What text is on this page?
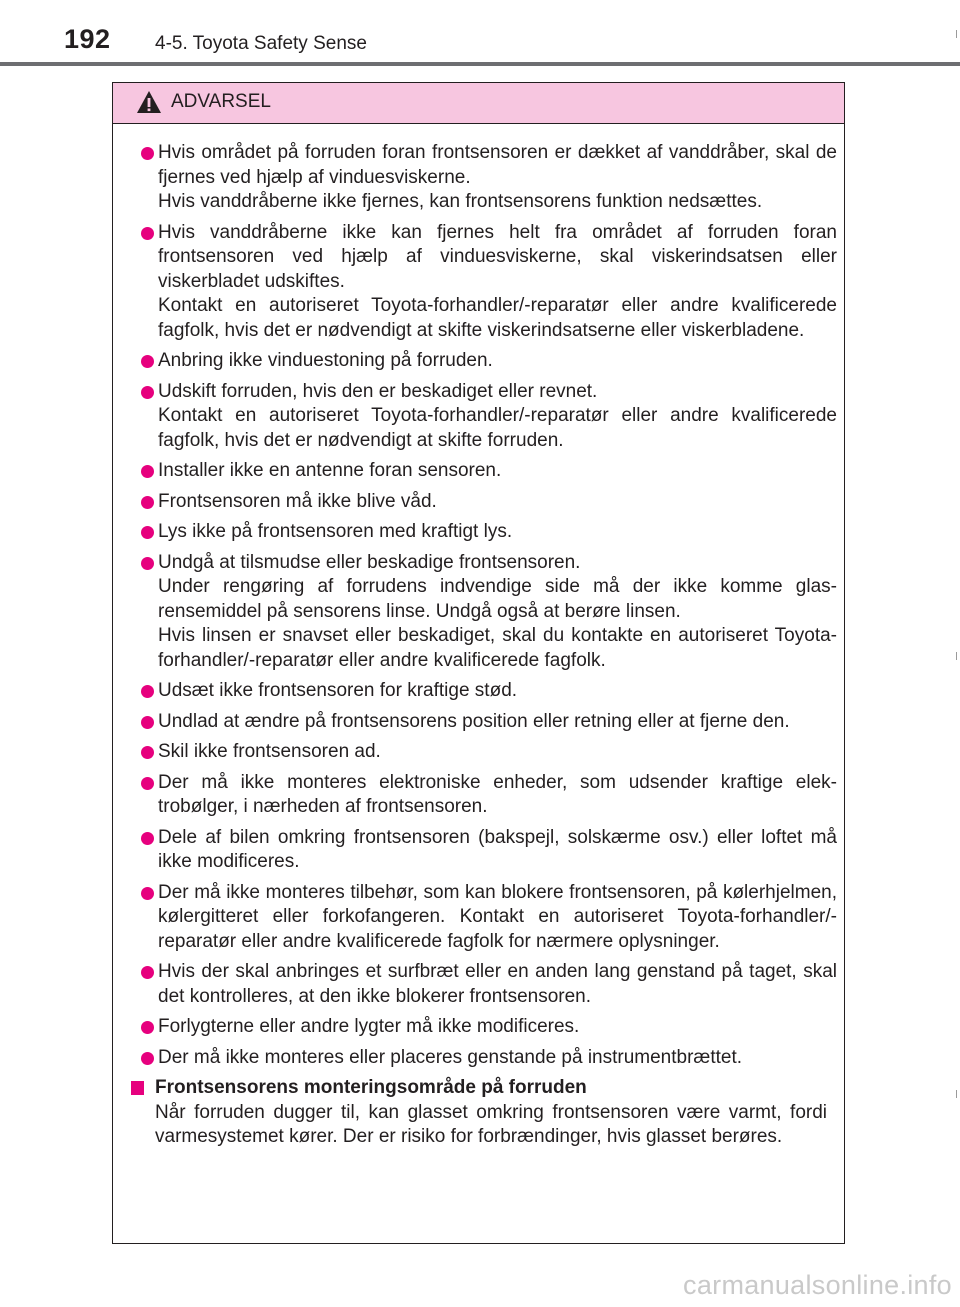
192 4-5. Toyota Safety Sense
ADVARSEL
Hvis området på forruden foran frontsensoren er dækket af vanddråber, skal de fjernes ved hjælp af vinduesviskerne.
Hvis vanddråberne ikke fjernes, kan frontsensorens funktion nedsættes.
Hvis vanddråberne ikke kan fjernes helt fra området af forruden foran frontsensoren ved hjælp af vinduesviskerne, skal viskerindsatsen eller viskerbladet udskiftes.
Kontakt en autoriseret Toyota-forhandler/-reparatør eller andre kvalificerede fagfolk, hvis det er nødvendigt at skifte viskerindsatserne eller viskerbladene.
Anbring ikke vinduestoning på forruden.
Udskift forruden, hvis den er beskadiget eller revnet.
Kontakt en autoriseret Toyota-forhandler/-reparatør eller andre kvalificerede fagfolk, hvis det er nødvendigt at skifte forruden.
Installer ikke en antenne foran sensoren.
Frontsensoren må ikke blive våd.
Lys ikke på frontsensoren med kraftigt lys.
Undgå at tilsmudse eller beskadige frontsensoren.
Under rengøring af forrudens indvendige side må der ikke komme glasrensemiddel på sensorens linse. Undgå også at berøre linsen.
Hvis linsen er snavset eller beskadiget, skal du kontakte en autoriseret Toyota-forhandler/-reparatør eller andre kvalificerede fagfolk.
Udsæt ikke frontsensoren for kraftige stød.
Undlad at ændre på frontsensorens position eller retning eller at fjerne den.
Skil ikke frontsensoren ad.
Der må ikke monteres elektroniske enheder, som udsender kraftige elektrobølger, i nærheden af frontsensoren.
Dele af bilen omkring frontsensoren (bakspejl, solskærme osv.) eller loftet må ikke modificeres.
Der må ikke monteres tilbehør, som kan blokere frontsensoren, på kølerhjelmen, kølergitteret eller forkofangeren. Kontakt en autoriseret Toyota-forhandler/-reparatør eller andre kvalificerede fagfolk for nærmere oplysninger.
Hvis der skal anbringes et surfbræt eller en anden lang genstand på taget, skal det kontrolleres, at den ikke blokerer frontsensoren.
Forlygterne eller andre lygter må ikke modificeres.
Der må ikke monteres eller placeres genstande på instrumentbrættet.
Frontsensorens monteringsområde på forruden
Når forruden dugger til, kan glasset omkring frontsensoren være varmt, fordi varmesystemet kører. Der er risiko for forbrændinger, hvis glasset berøres.
carmanualsonline.info
